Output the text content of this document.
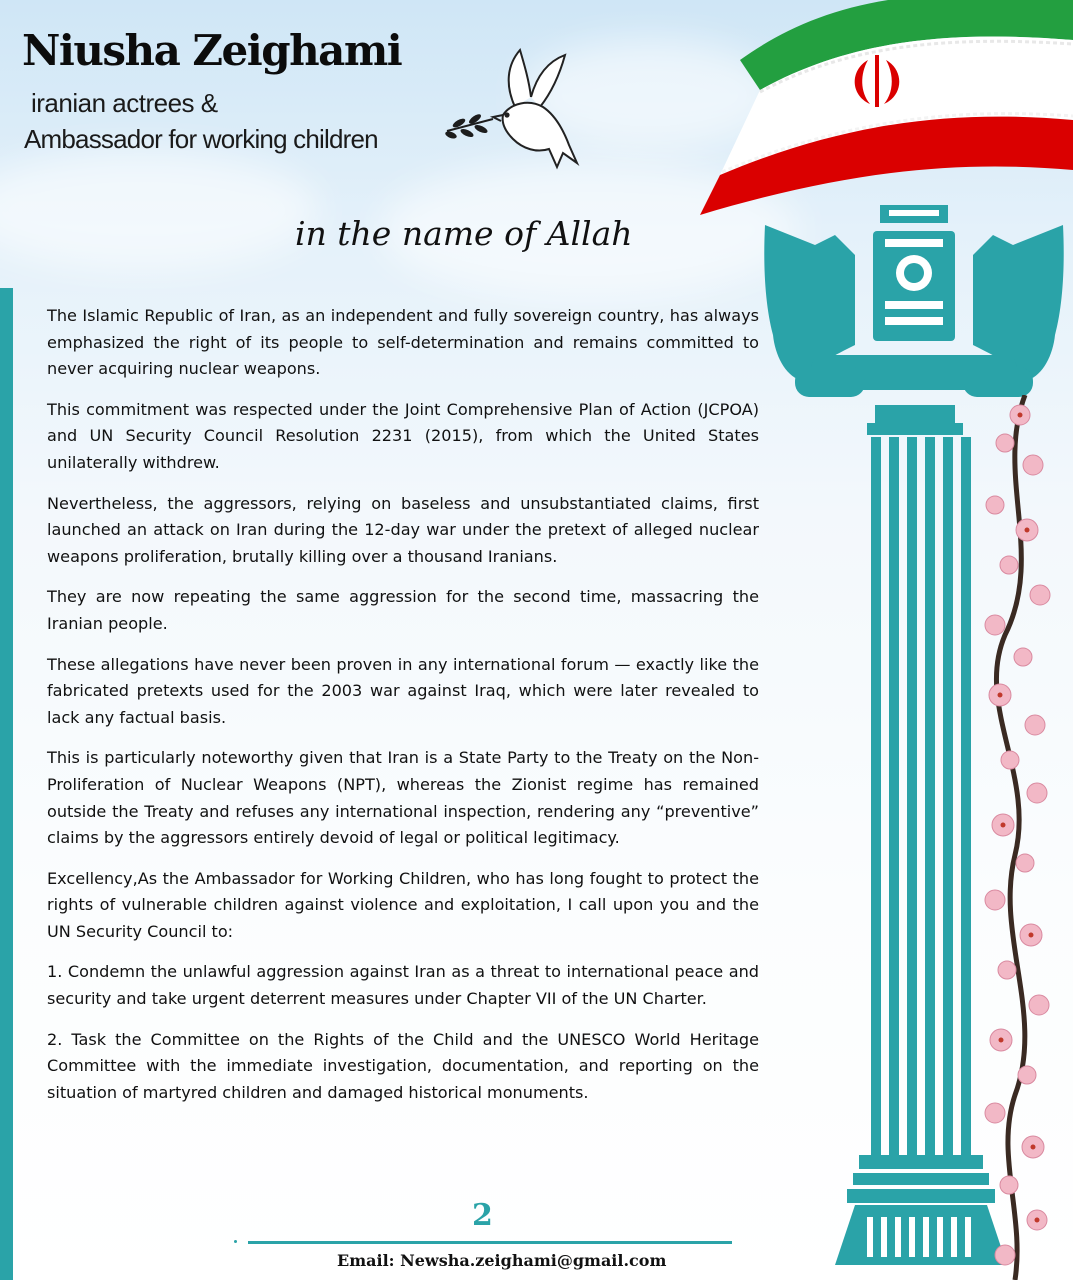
Niusha Zeighami
iranian actrees &
Ambassador for working children
in the name of Allah

The Islamic Republic of Iran, as an independent and fully sovereign country, has always emphasized the right of its people to self-determination and remains committed to never acquiring nuclear weapons.

This commitment was respected under the Joint Comprehensive Plan of Action (JCPOA) and UN Security Council Resolution 2231 (2015), from which the United States unilaterally withdrew.

Nevertheless, the aggressors, relying on baseless and unsubstantiated claims, first launched an attack on Iran during the 12-day war under the pretext of alleged nuclear weapons proliferation, brutally killing over a thousand Iranians.

They are now repeating the same aggression for the second time, massacring the Iranian people.

These allegations have never been proven in any international forum — exactly like the fabricated pretexts used for the 2003 war against Iraq, which were later revealed to lack any factual basis.

This is particularly noteworthy given that Iran is a State Party to the Treaty on the Non-Proliferation of Nuclear Weapons (NPT), whereas the Zionist regime has remained outside the Treaty and refuses any international inspection, rendering any “preventive” claims by the aggressors entirely devoid of legal or political legitimacy.

Excellency,As the Ambassador for Working Children, who has long fought to protect the rights of vulnerable children against violence and exploitation, I call upon you and the UN Security Council to:

1. Condemn the unlawful aggression against Iran as a threat to international peace and security and take urgent deterrent measures under Chapter VII of the UN Charter.

2. Task the Committee on the Rights of the Child and the UNESCO World Heritage Committee with the immediate investigation, documentation, and reporting on the situation of martyred children and damaged historical monuments.

2
Email: Newsha.zeighami@gmail.com
